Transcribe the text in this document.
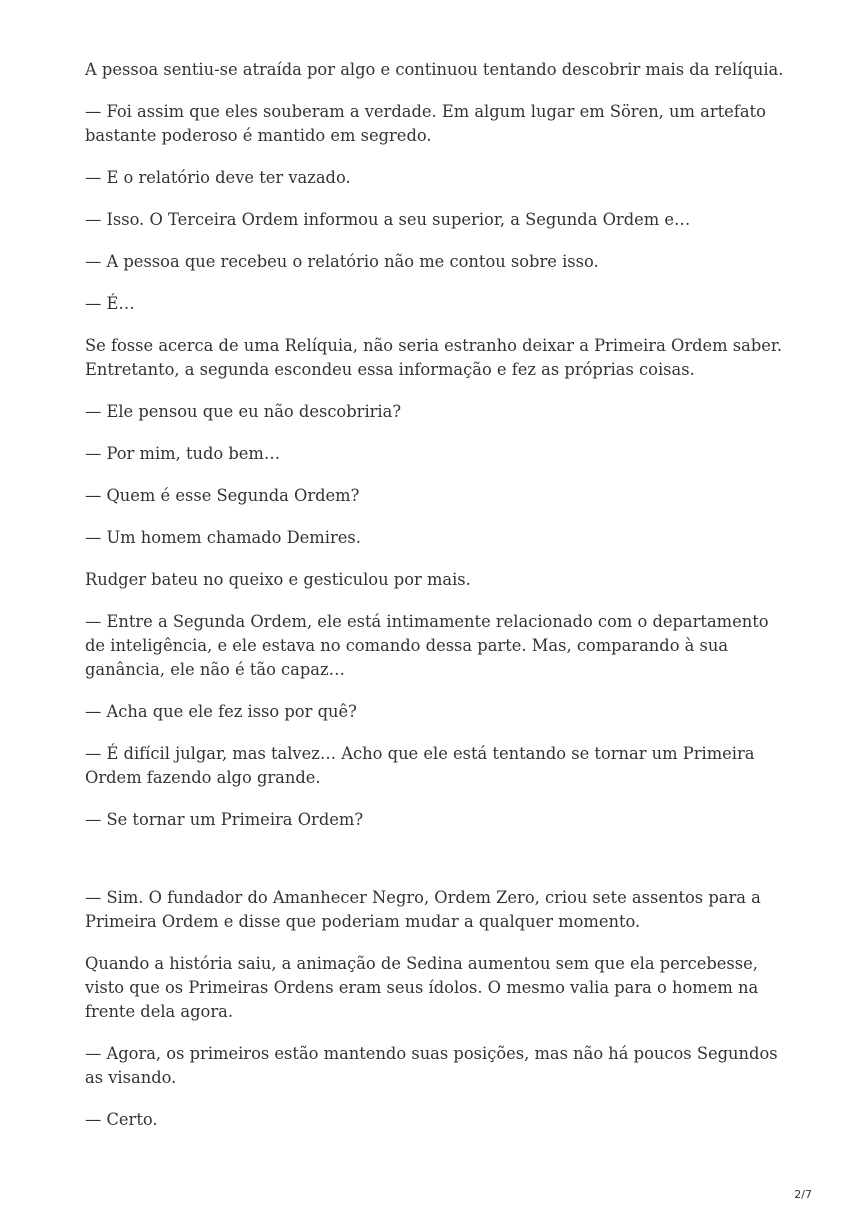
A pessoa sentiu-se atraída por algo e continuou tentando descobrir mais da relíquia.

— Foi assim que eles souberam a verdade. Em algum lugar em Sören, um artefato bastante poderoso é mantido em segredo.

— E o relatório deve ter vazado.

— Isso. O Terceira Ordem informou a seu superior, a Segunda Ordem e…

— A pessoa que recebeu o relatório não me contou sobre isso.

— É…

Se fosse acerca de uma Relíquia, não seria estranho deixar a Primeira Ordem saber. Entretanto, a segunda escondeu essa informação e fez as próprias coisas.

— Ele pensou que eu não descobriria?

— Por mim, tudo bem…

— Quem é esse Segunda Ordem?

— Um homem chamado Demires.

Rudger bateu no queixo e gesticulou por mais.

— Entre a Segunda Ordem, ele está intimamente relacionado com o departamento de inteligência, e ele estava no comando dessa parte. Mas, comparando à sua ganância, ele não é tão capaz…

— Acha que ele fez isso por quê?

— É difícil julgar, mas talvez… Acho que ele está tentando se tornar um Primeira Ordem fazendo algo grande.

— Se tornar um Primeira Ordem?

— Sim. O fundador do Amanhecer Negro, Ordem Zero, criou sete assentos para a Primeira Ordem e disse que poderiam mudar a qualquer momento.

Quando a história saiu, a animação de Sedina aumentou sem que ela percebesse, visto que os Primeiras Ordens eram seus ídolos. O mesmo valia para o homem na frente dela agora.

— Agora, os primeiros estão mantendo suas posições, mas não há poucos Segundos as visando.

— Certo.

2/7
